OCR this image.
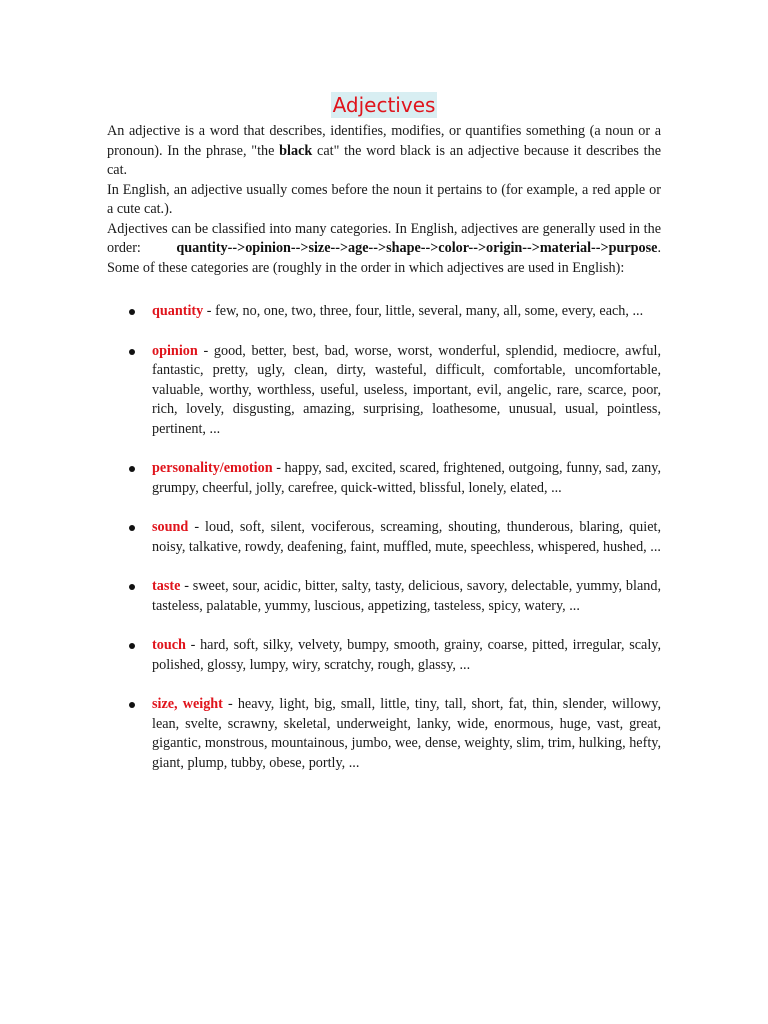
Adjectives

An adjective is a word that describes, identifies, modifies, or quantifies something (a noun or a pronoun). In the phrase, "the black cat" the word black is an adjective because it describes the cat.

In English, an adjective usually comes before the noun it pertains to (for example, a red apple or a cute cat.).

Adjectives can be classified into many categories. In English, adjectives are generally used in the order: quantity-->opinion-->size-->age-->shape-->color-->origin-->material-->purpose. Some of these categories are (roughly in the order in which adjectives are used in English):

quantity - few, no, one, two, three, four, little, several, many, all, some, every, each, ...
opinion - good, better, best, bad, worse, worst, wonderful, splendid, mediocre, awful, fantastic, pretty, ugly, clean, dirty, wasteful, difficult, comfortable, uncomfortable, valuable, worthy, worthless, useful, useless, important, evil, angelic, rare, scarce, poor, rich, lovely, disgusting, amazing, surprising, loathesome, unusual, usual, pointless, pertinent, ...
personality/emotion - happy, sad, excited, scared, frightened, outgoing, funny, sad, zany, grumpy, cheerful, jolly, carefree, quick-witted, blissful, lonely, elated, ...
sound - loud, soft, silent, vociferous, screaming, shouting, thunderous, blaring, quiet, noisy, talkative, rowdy, deafening, faint, muffled, mute, speechless, whispered, hushed, ...
taste - sweet, sour, acidic, bitter, salty, tasty, delicious, savory, delectable, yummy, bland, tasteless, palatable, yummy, luscious, appetizing, tasteless, spicy, watery, ...
touch - hard, soft, silky, velvety, bumpy, smooth, grainy, coarse, pitted, irregular, scaly, polished, glossy, lumpy, wiry, scratchy, rough, glassy, ...
size, weight - heavy, light, big, small, little, tiny, tall, short, fat, thin, slender, willowy, lean, svelte, scrawny, skeletal, underweight, lanky, wide, enormous, huge, vast, great, gigantic, monstrous, mountainous, jumbo, wee, dense, weighty, slim, trim, hulking, hefty, giant, plump, tubby, obese, portly, ...
